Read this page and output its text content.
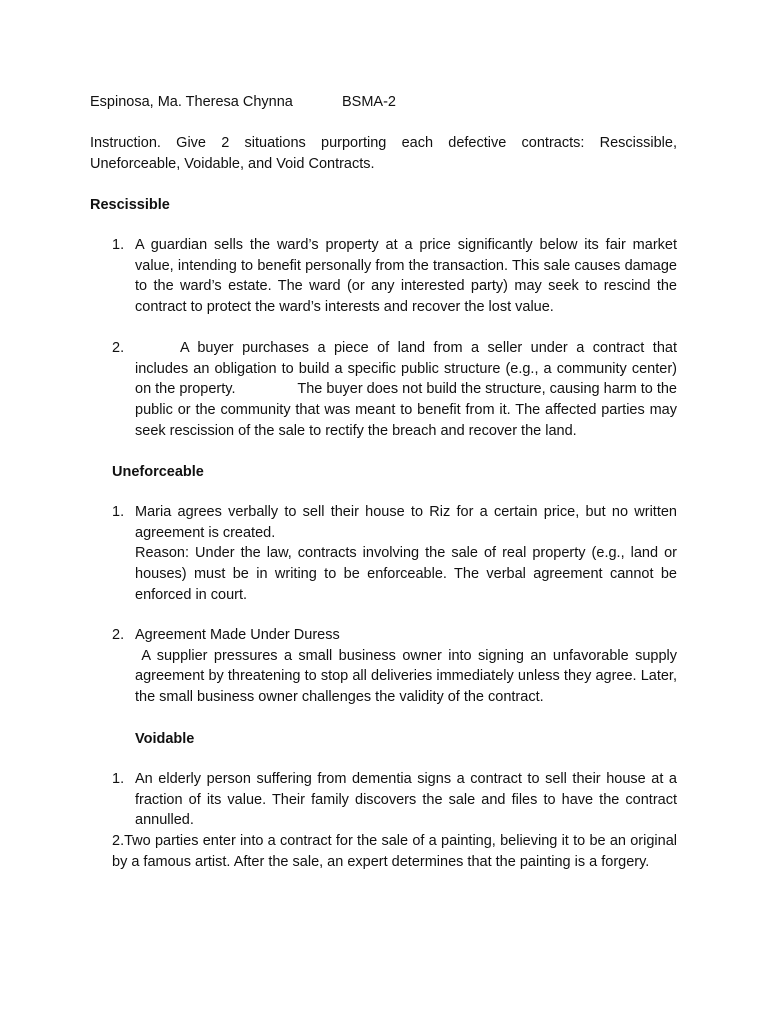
Espinosa, Ma. Theresa Chynna	BSMA-2

Instruction. Give 2 situations purporting each defective contracts: Rescissible, Uneforceable, Voidable, and Void Contracts.

Rescissible

1. A guardian sells the ward’s property at a price significantly below its fair market value, intending to benefit personally from the transaction. This sale causes damage to the ward’s estate. The ward (or any interested party) may seek to rescind the contract to protect the ward’s interests and recover the lost value.

2.	A buyer purchases a piece of land from a seller under a contract that
includes an obligation to build a specific public structure (e.g., a community center)
on the property.	The buyer does not build the structure, causing harm to the
public or the community that was meant to benefit from it. The affected parties may seek rescission of the sale to rectify the breach and recover the land.

Uneforceable

1. Maria agrees verbally to sell their house to Riz for a certain price, but no written agreement is created.

Reason: Under the law, contracts involving the sale of real property (e.g., land or houses) must be in writing to be enforceable. The verbal agreement cannot be enforced in court.

2. Agreement Made Under Duress

A supplier pressures a small business owner into signing an unfavorable supply agreement by threatening to stop all deliveries immediately unless they agree. Later, the small business owner challenges the validity of the contract.

Voidable

1. An elderly person suffering from dementia signs a contract to sell their house at a fraction of its value. Their family discovers the sale and files to have the contract annulled.

2.Two parties enter into a contract for the sale of a painting, believing it to be an original by a famous artist. After the sale, an expert determines that the painting is a forgery.
